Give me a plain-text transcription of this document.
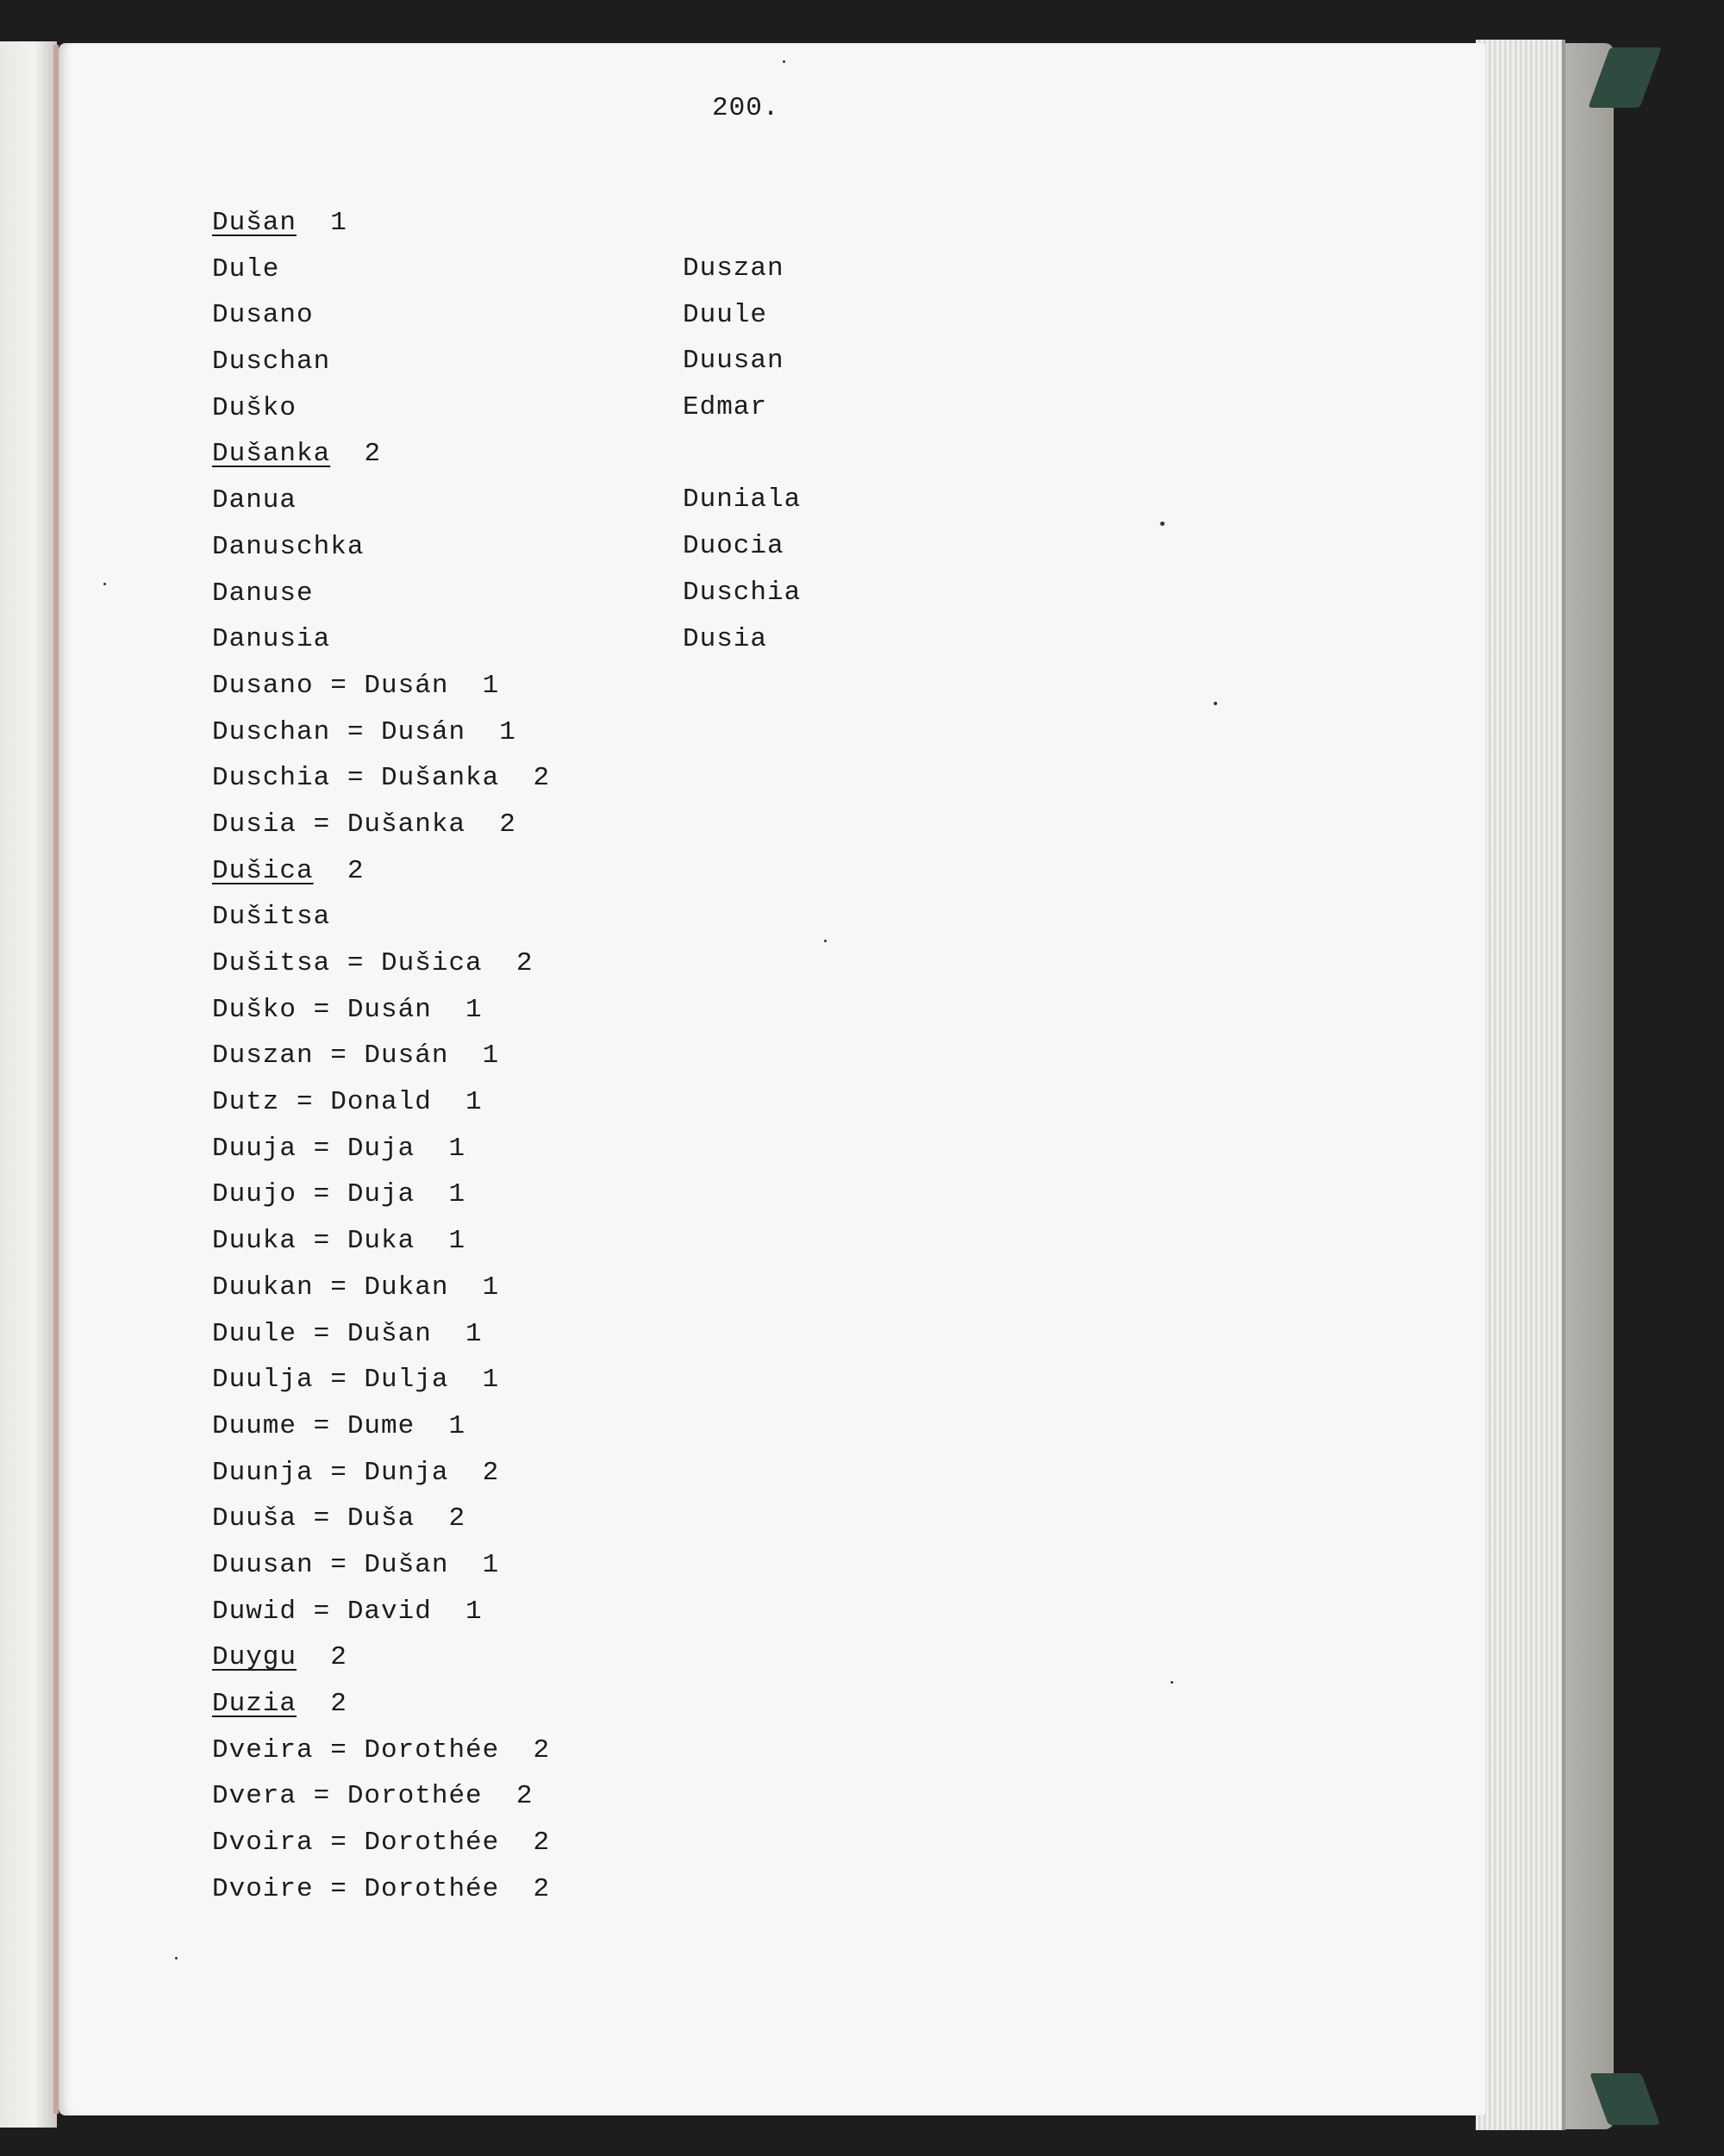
200.
Dušan  1
Dule
Dusano
Duschan
Duško
Dušanka  2
Danua
Danuschka
Danuse
Danusia
Dusano = Dusán  1
Duschan = Dusán  1
Duschia = Dušanka  2
Dusia = Dušanka  2
Dušica  2
Dušitsa
Dušitsa = Dušica  2
Duško = Dusán  1
Duszan = Dusán  1
Dutz = Donald  1
Duuja = Duja  1
Duujo = Duja  1
Duuka = Duka  1
Duukan = Dukan  1
Duule = Dušan  1
Duulja = Dulja  1
Duume = Dume  1
Duunja = Dunja  2
Duuša = Duša  2
Duusan = Dušan  1
Duwid = David  1
Duygu  2
Duzia  2
Dveira = Dorothée  2
Dvera = Dorothée  2
Dvoira = Dorothée  2
Dvoire = Dorothée  2
Duszan
Duule
Duusan
Edmar
Duniala
Duocia
Duschia
Dusia
